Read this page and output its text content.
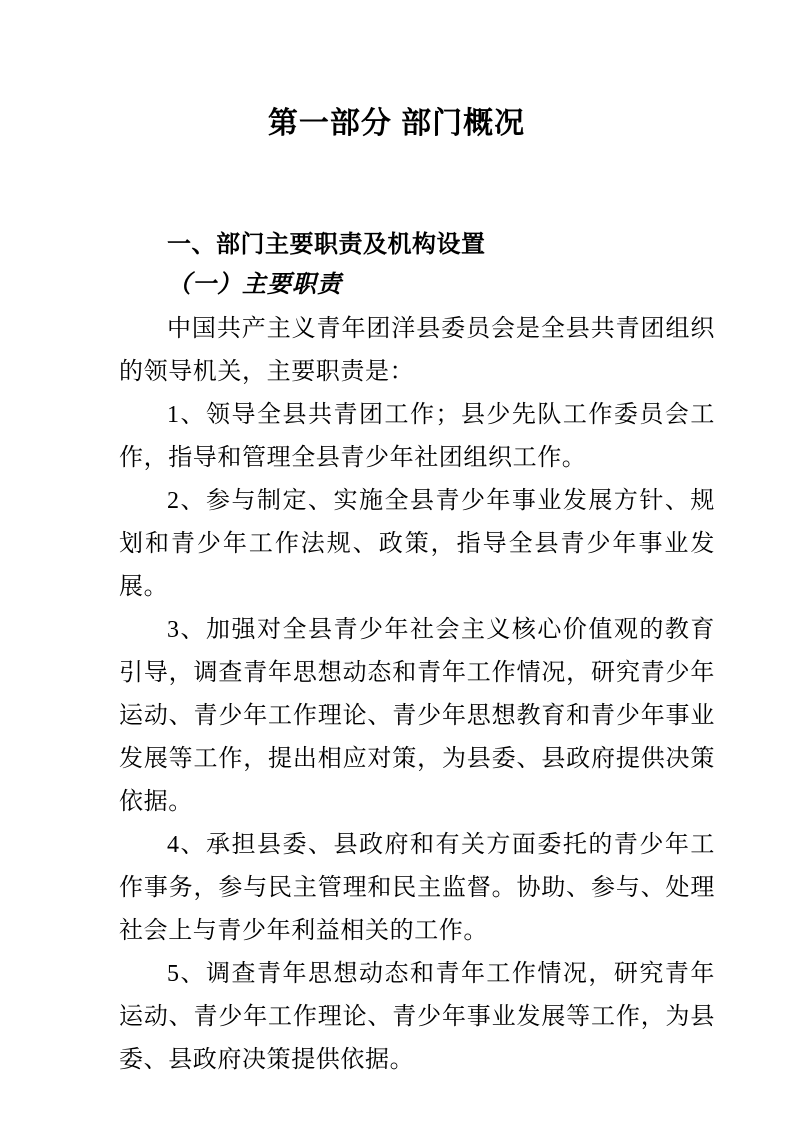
第一部分 部门概况
一、部门主要职责及机构设置
（一）主要职责

中国共产主义青年团洋县委员会是全县共青团组织的领导机关，主要职责是：

1、领导全县共青团工作；县少先队工作委员会工作，指导和管理全县青少年社团组织工作。

2、参与制定、实施全县青少年事业发展方针、规划和青少年工作法规、政策，指导全县青少年事业发展。

3、加强对全县青少年社会主义核心价值观的教育引导，调查青年思想动态和青年工作情况，研究青少年运动、青少年工作理论、青少年思想教育和青少年事业发展等工作，提出相应对策，为县委、县政府提供决策依据。

4、承担县委、县政府和有关方面委托的青少年工作事务，参与民主管理和民主监督。协助、参与、处理社会上与青少年利益相关的工作。

5、调查青年思想动态和青年工作情况，研究青年运动、青少年工作理论、青少年事业发展等工作，为县委、县政府决策提供依据。
